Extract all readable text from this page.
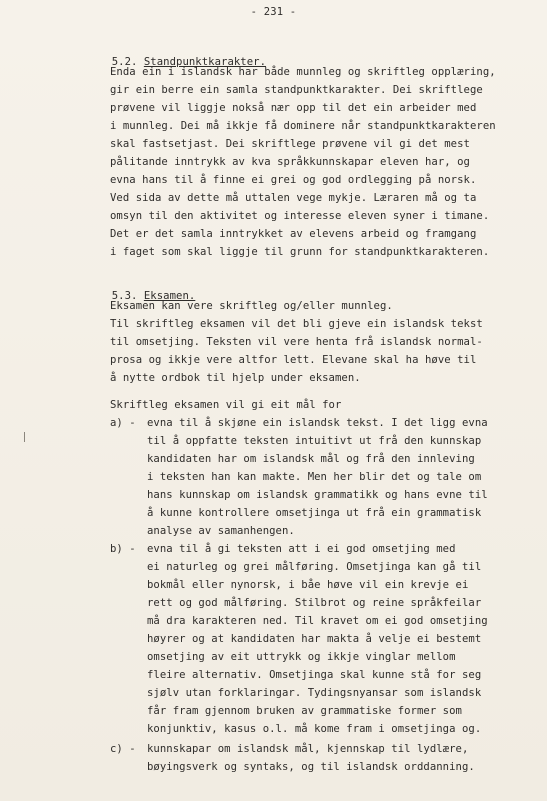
- 231 -

5.2. Standpunktkarakter.

Enda ein i islandsk har både munnleg og skriftleg opplæring,
gir ein berre ein samla standpunktkarakter. Dei skriftlege
prøvene vil liggje nokså nær opp til det ein arbeider med
i munnleg. Dei må ikkje få dominere når standpunktkarakteren
skal fastsetjast. Dei skriftlege prøvene vil gi det mest
pålitande inntrykk av kva språkkunnskapar eleven har, og
evna hans til å finne ei grei og god ordlegging på norsk.
Ved sida av dette må uttalen vege mykje. Læraren må og ta
omsyn til den aktivitet og interesse eleven syner i timane.
Det er det samla inntrykket av elevens arbeid og framgang
i faget som skal liggje til grunn for standpunktkarakteren.

5.3. Eksamen.

Eksamen kan vere skriftleg og/eller munnleg.
Til skriftleg eksamen vil det bli gjeve ein islandsk tekst
til omsetjing. Teksten vil vere henta frå islandsk normal-
prosa og ikkje vere altfor lett. Elevane skal ha høve til
å nytte ordbok til hjelp under eksamen.
Skriftleg eksamen vil gi eit mål for
a) - evna til å skjøne ein islandsk tekst. I det ligg evna
til å oppfatte teksten intuitivt ut frå den kunnskap
kandidaten har om islandsk mål og frå den innleving
i teksten han kan makte. Men her blir det og tale om
hans kunnskap om islandsk grammatikk og hans evne til
å kunne kontrollere omsetjinga ut frå ein grammatisk
analyse av samanhengen.
b) - evna til å gi teksten att i ei god omsetjing med
ei naturleg og grei målføring. Omsetjinga kan gå til
bokmål eller nynorsk, i båe høve vil ein krevje ei
rett og god målføring. Stilbrot og reine språkfeilar
må dra karakteren ned. Til kravet om ei god omsetjing
høyrer og at kandidaten har makta å velje ei bestemt
omsetjing av eit uttrykk og ikkje vinglar mellom
fleire alternativ. Omsetjinga skal kunne stå for seg
sjølv utan forklaringar. Tydingsnyansar som islandsk
får fram gjennom bruken av grammatiske former som
konjunktiv, kasus o.l. må kome fram i omsetjinga og.
c) - kunnskapar om islandsk mål, kjennskap til lydlære,
bøyingsverk og syntaks, og til islandsk orddanning.
